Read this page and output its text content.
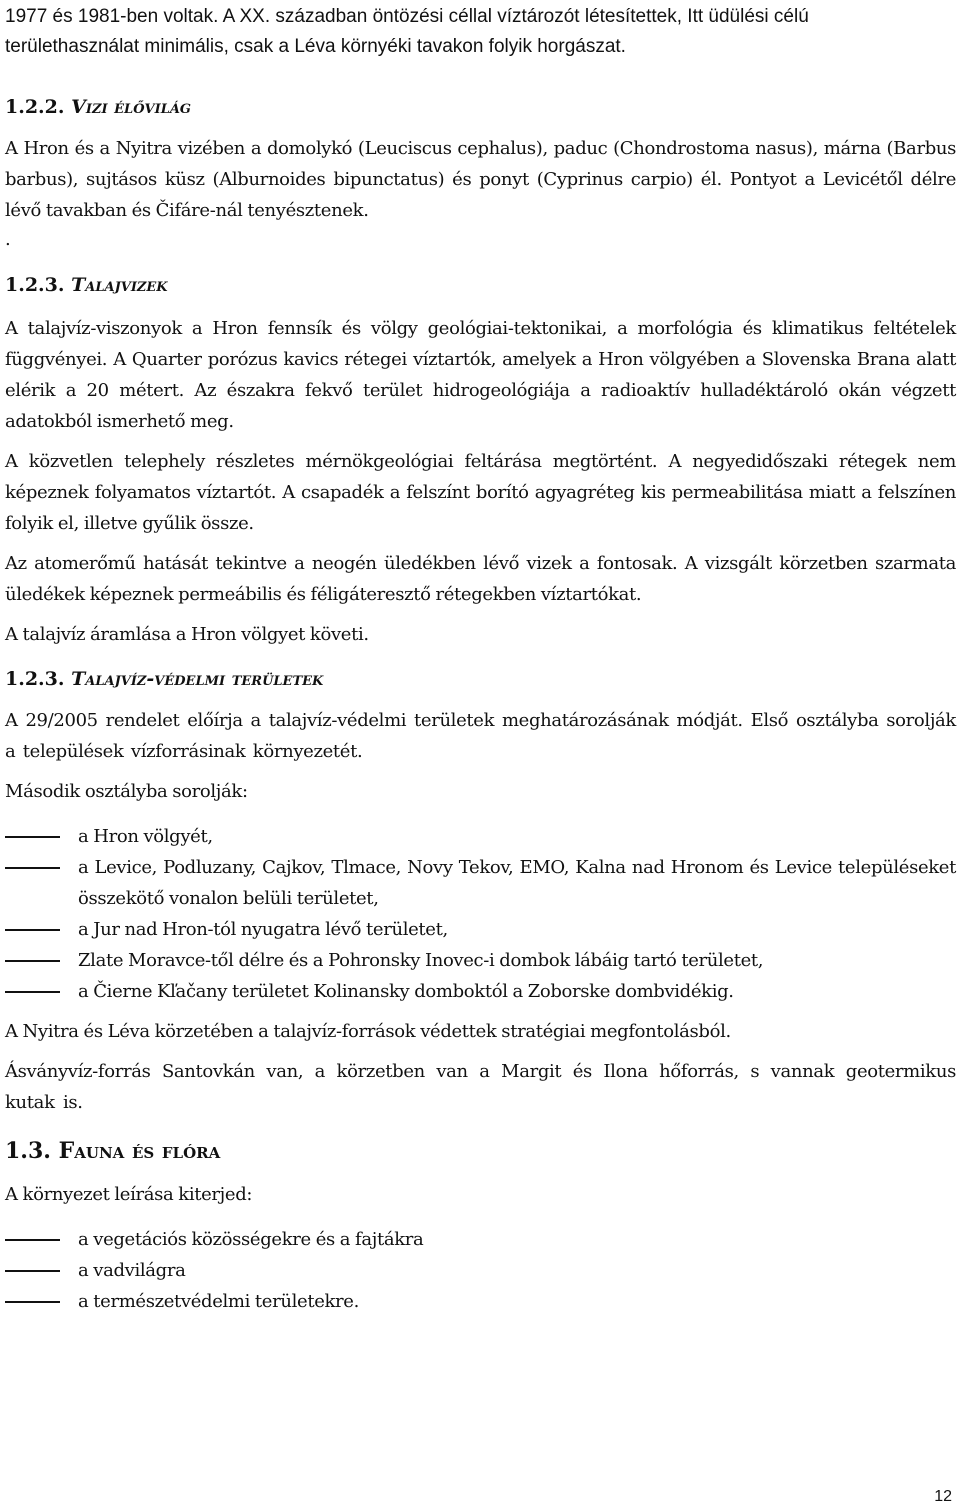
1977 és 1981-ben voltak. A XX. században öntözési céllal víztározót létesítettek, Itt üdülési célú
területhasználat minimális, csak a Léva környéki tavakon folyik horgászat.
1.2.2. Vizi élővilág

A Hron és a Nyitra vizében a domolykó (Leuciscus cephalus), paduc (Chondrostoma nasus), márna (Barbus barbus), sujtásos küsz (Alburnoides bipunctatus) és ponyt (Cyprinus carpio) él. Pontyot a Levicétől délre lévő tavakban és Čifáre-nál tenyésztenek.

.

1.2.3. Talajvizek

A talajvíz-viszonyok a Hron fennsík és völgy geológiai-tektonikai, a morfológia és klimatikus feltételek függvényei. A Quarter porózus kavics rétegei víztartók, amelyek a Hron völgyében a Slovenska Brana alatt elérik a 20 métert. Az északra fekvő terület hidrogeológiája a radioaktív hulladéktároló okán végzett adatokból ismerhető meg.

A közvetlen telephely részletes mérnökgeológiai feltárása megtörtént. A negyedidőszaki rétegek nem képeznek folyamatos víztartót. A csapadék a felszínt borító agyagréteg kis permeabilitása miatt a felszínen folyik el, illetve gyűlik össze.

Az atomerőmű hatását tekintve a neogén üledékben lévő vizek a fontosak. A vizsgált körzetben szarmata üledékek képeznek permeábilis és féligáteresztő rétegekben víztartókat.

A talajvíz áramlása a Hron völgyet követi.

1.2.3. Talajvíz-védelmi területek

A 29/2005 rendelet előírja a talajvíz-védelmi területek meghatározásának módját. Első osztályba sorolják a települések vízforrásinak környezetét.

Második osztályba sorolják:

a Hron völgyét,
a Levice, Podluzany, Cajkov, Tlmace, Novy Tekov, EMO, Kalna nad Hronom és Levice településeket összekötő vonalon belüli területet,
a Jur nad Hron-tól nyugatra lévő területet,
Zlate Moravce-től délre és a Pohronsky Inovec-i dombok lábáig tartó területet,
a Čierne Kľačany területet Kolinansky domboktól a Zoborske dombvidékig.

A Nyitra és Léva körzetében a talajvíz-források védettek stratégiai megfontolásból.

Ásványvíz-forrás Santovkán van, a körzetben van a Margit és Ilona hőforrás, s vannak geotermikus kutak is.

1.3. Fauna és flóra

A környezet leírása kiterjed:

a vegetációs közösségekre és a fajtákra
a vadvilágra
a természetvédelmi területekre.
12
